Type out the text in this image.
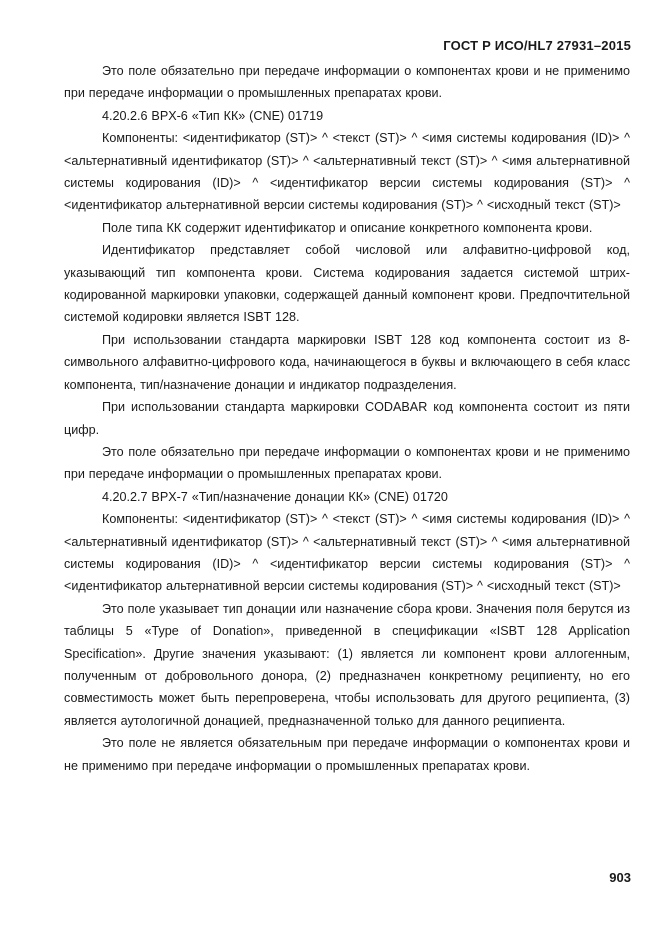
ГОСТ Р ИСО/HL7 27931–2015

Это поле обязательно при передаче информации о компонентах крови и не применимо при передаче информации о промышленных препаратах крови.

4.20.2.6 BPX-6 «Тип КК» (CNE) 01719

Компоненты: <идентификатор (ST)> ^ <текст (ST)> ^ <имя системы кодирования (ID)> ^ <альтернативный идентификатор (ST)> ^ <альтернативный текст (ST)> ^ <имя альтернативной системы кодирования (ID)> ^ <идентификатор версии системы кодирования (ST)> ^ <идентификатор альтернативной версии системы кодирования (ST)> ^ <исходный текст (ST)>

Поле типа КК содержит идентификатор и описание конкретного компонента крови.

Идентификатор представляет собой числовой или алфавитно-цифровой код, указывающий тип компонента крови. Система кодирования задается системой штрих-кодированной маркировки упаковки, содержащей данный компонент крови. Предпочтительной системой кодировки является ISBT 128.

При использовании стандарта маркировки ISBT 128 код компонента состоит из 8-символьного алфавитно-цифрового кода, начинающегося в буквы и включающего в себя класс компонента, тип/назначение донации и индикатор подразделения.

При использовании стандарта маркировки CODABAR код компонента состоит из пяти цифр.

Это поле обязательно при передаче информации о компонентах крови и не применимо при передаче информации о промышленных препаратах крови.

4.20.2.7 BPX-7 «Тип/назначение донации КК» (CNE) 01720

Компоненты: <идентификатор (ST)> ^ <текст (ST)> ^ <имя системы кодирования (ID)> ^ <альтернативный идентификатор (ST)> ^ <альтернативный текст (ST)> ^ <имя альтернативной системы кодирования (ID)> ^ <идентификатор версии системы кодирования (ST)> ^ <идентификатор альтернативной версии системы кодирования (ST)> ^ <исходный текст (ST)>

Это поле указывает тип донации или назначение сбора крови. Значения поля берутся из таблицы 5 «Type of Donation», приведенной в спецификации «ISBT 128 Application Specification». Другие значения указывают: (1) является ли компонент крови аллогенным, полученным от добровольного донора, (2) предназначен конкретному реципиенту, но его совместимость может быть перепроверена, чтобы использовать для другого реципиента, (3) является аутологичной донацией, предназначенной только для данного реципиента.

Это поле не является обязательным при передаче информации о компонентах крови и не применимо при передаче информации о промышленных препаратах крови.

903
